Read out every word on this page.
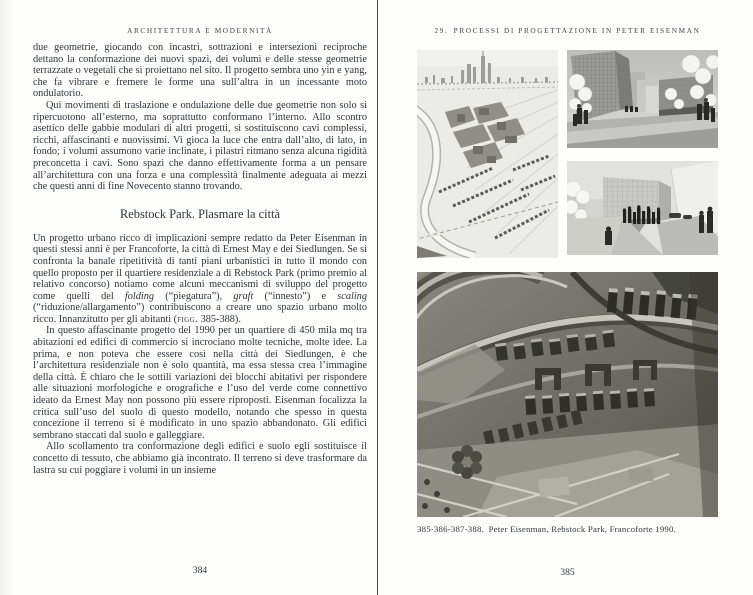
ARCHITETTURA E MODERNITÀ

due geometrie, giocando con incastri, sottrazioni e intersezioni reciproche dettano la conformazione dei nuovi spazi, dei volumi e delle stesse geometrie terrazzate o vegetali che si proiettano nel sito. Il progetto sembra uno yin e yang, che fa vibrare e fremere le forme una sull’altra in un incessante moto ondulatorio.

Qui movimenti di traslazione e ondulazione delle due geometrie non solo si ripercuotono all’esterno, ma soprattutto conformano l’interno. Allo scontro asettico delle gabbie modulari di altri progetti, si sostituiscono cavi complessi, ricchi, affascinanti e nuovissimi. Vi gioca la luce che entra dall’alto, di lato, in fondo; i volumi assumono varie inclinate, i pilastri ritmano senza alcuna rigidità preconcetta i cavi. Sono spazi che danno effettivamente forma a un pensare all’architettura con una forza e una complessità finalmente adeguata ai mezzi che questi anni di fine Novecento stanno trovando.

Rebstock Park. Plasmare la città

Un progetto urbano ricco di implicazioni sempre redatto da Peter Eisenman in questi stessi anni è per Francoforte, la città di Ernest May e dei Siedlungen. Se si confronta la banale ripetitività di tanti piani urbanistici in tutto il mondo con quello proposto per il quartiere residenziale a di Rebstock Park (primo premio al relativo concorso) notiamo come alcuni meccanismi di sviluppo del progetto come quelli del folding (“piegatura”), graft (“innesto”) e scaling (“riduzione/allargamento”) contribuiscono a creare uno spazio urbano molto ricco. Innanzitutto per gli abitanti (figg. 385-388).

In questo affascinante progetto del 1990 per un quartiere di 450 mila mq tra abitazioni ed edifici di commercio si incrociano molte tecniche, molte idee. La prima, e non poteva che essere così nella città dei Siedlungen, è che l’architettura residenziale non è solo quantità, ma essa stessa crea l’immagine della città. È chiaro che le sottili variazioni dei blocchi abitativi per rispondere alle situazioni morfologiche e orografiche e l’uso del verde come connettivo ideato da Ernest May non possono più essere riproposti. Eisenman focalizza la critica sull’uso del suolo di questo modello, notando che spesso in questa concezione il terreno si è modificato in uno spazio abbandonato. Gli edifici sembrano staccati dal suolo e galleggiare.

Allo scollamento tra conformazione degli edifici e suolo egli sostituisce il concetto di tessuto, che abbiamo già incontrato. Il terreno si deve trasformare da lastra su cui poggiare i volumi in un insieme

384
29. PROCESSI DI PROGETTAZIONE IN PETER EISENMAN
385-386-387-388. Peter Eisenman, Rebstock Park, Francoforte 1990.
385
